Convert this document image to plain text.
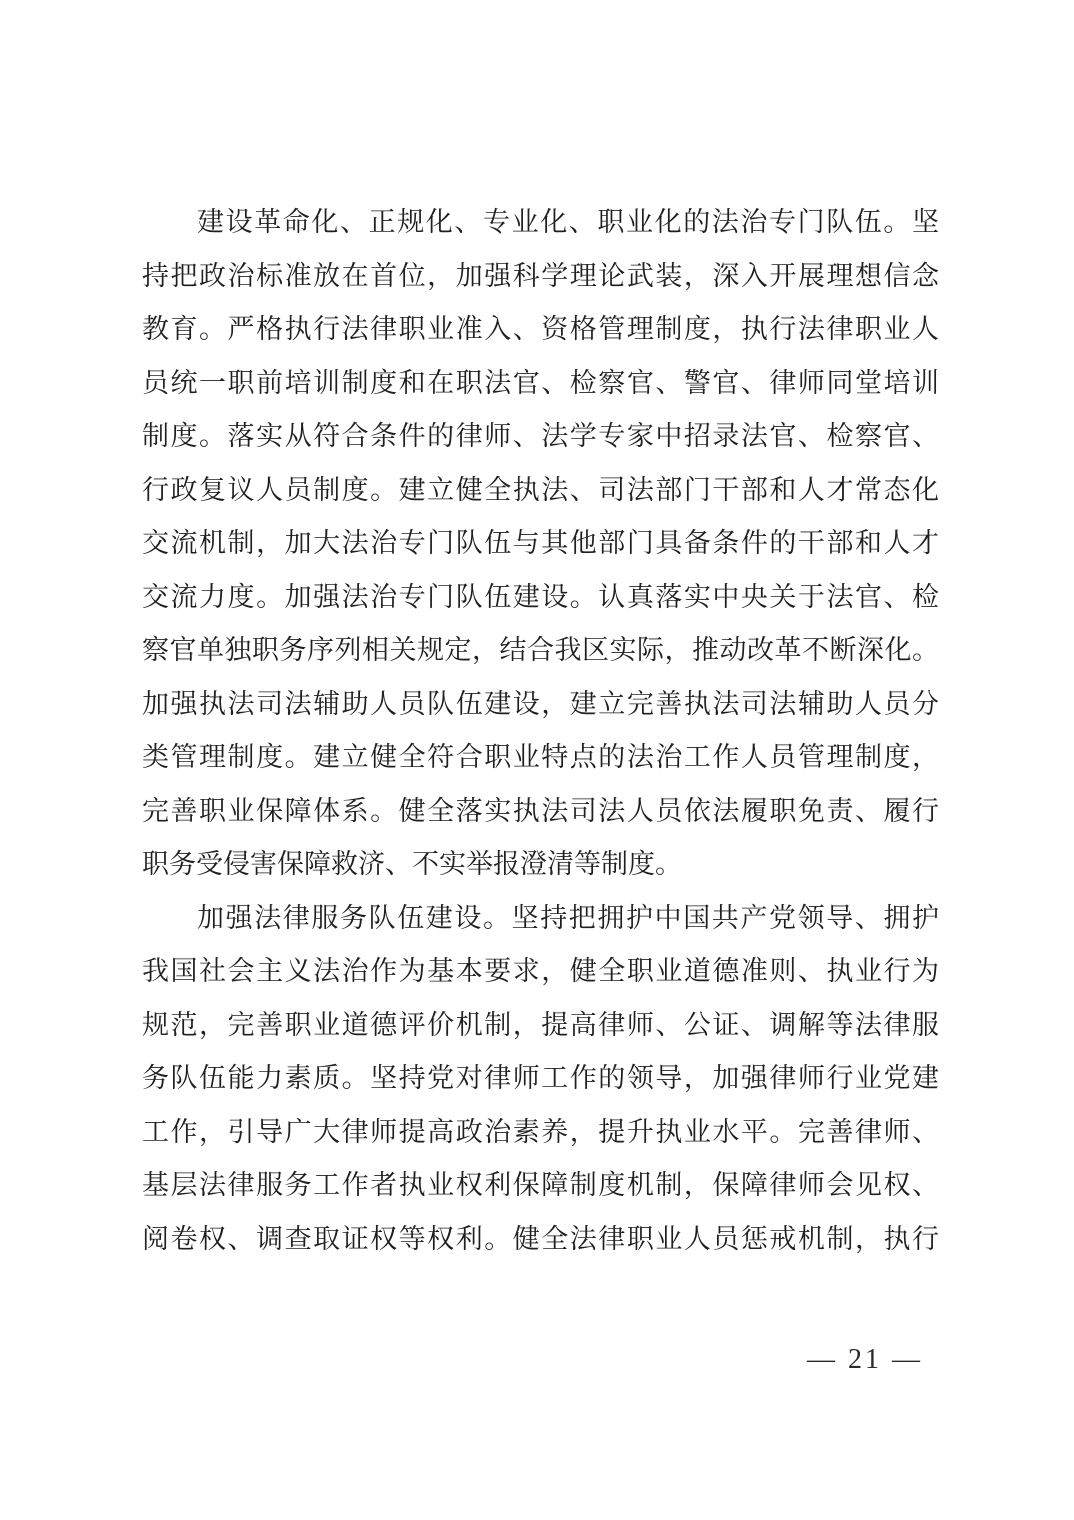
建设革命化、正规化、专业化、职业化的法治专门队伍。坚
持把政治标准放在首位，加强科学理论武装，深入开展理想信念
教育。严格执行法律职业准入、资格管理制度，执行法律职业人
员统一职前培训制度和在职法官、检察官、警官、律师同堂培训
制度。落实从符合条件的律师、法学专家中招录法官、检察官、
行政复议人员制度。建立健全执法、司法部门干部和人才常态化
交流机制，加大法治专门队伍与其他部门具备条件的干部和人才
交流力度。加强法治专门队伍建设。认真落实中央关于法官、检
察官单独职务序列相关规定，结合我区实际，推动改革不断深化。
加强执法司法辅助人员队伍建设，建立完善执法司法辅助人员分
类管理制度。建立健全符合职业特点的法治工作人员管理制度，
完善职业保障体系。健全落实执法司法人员依法履职免责、履行
职务受侵害保障救济、不实举报澄清等制度。
加强法律服务队伍建设。坚持把拥护中国共产党领导、拥护
我国社会主义法治作为基本要求，健全职业道德准则、执业行为
规范，完善职业道德评价机制，提高律师、公证、调解等法律服
务队伍能力素质。坚持党对律师工作的领导，加强律师行业党建
工作，引导广大律师提高政治素养，提升执业水平。完善律师、
基层法律服务工作者执业权利保障制度机制，保障律师会见权、
阅卷权、调查取证权等权利。健全法律职业人员惩戒机制，执行
— 21 —
